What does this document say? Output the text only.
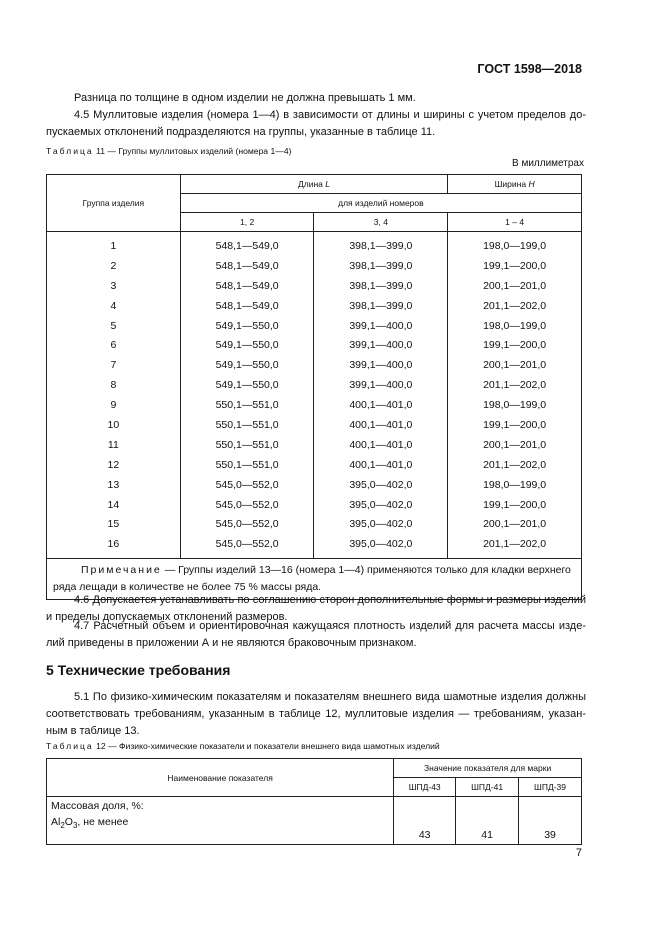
ГОСТ 1598—2018
Разница по толщине в одном изделии не должна превышать 1 мм.
4.5 Муллитовые изделия (номера 1—4) в зависимости от длины и ширины с учетом пределов допускаемых отклонений подразделяются на группы, указанные в таблице 11.
Таблица 11 — Группы муллитовых изделий (номера 1—4)
В миллиметрах
Группа изделия	Длина L		Ширина H
	для изделий номеров		
	1, 2	3, 4	1 – 4
1	548,1—549,0	398,1—399,0	198,0—199,0
2	548,1—549,0	398,1—399,0	199,1—200,0
3	548,1—549,0	398,1—399,0	200,1—201,0
4	548,1—549,0	398,1—399,0	201,1—202,0
5	549,1—550,0	399,1—400,0	198,0—199,0
6	549,1—550,0	399,1—400,0	199,1—200,0
7	549,1—550,0	399,1—400,0	200,1—201,0
8	549,1—550,0	399,1—400,0	201,1—202,0
9	550,1—551,0	400,1—401,0	198,0—199,0
10	550,1—551,0	400,1—401,0	199,1—200,0
11	550,1—551,0	400,1—401,0	200,1—201,0
12	550,1—551,0	400,1—401,0	201,1—202,0
13	545,0—552,0	395,0—402,0	198,0—199,0
14	545,0—552,0	395,0—402,0	199,1—200,0
15	545,0—552,0	395,0—402,0	200,1—201,0
16	545,0—552,0	395,0—402,0	201,1—202,0
Примечание — Группы изделий 13—16 (номера 1—4) применяются только для кладки верхнего ряда лещади в количестве не более 75 % массы ряда.			
4.6 Допускается устанавливать по соглашению сторон дополнительные формы и размеры изделий и пределы допускаемых отклонений размеров.
4.7 Расчетный объем и ориентировочная кажущаяся плотность изделий для расчета массы изделий приведены в приложении А и не являются браковочным признаком.
5 Технические требования
5.1 По физико-химическим показателям и показателям внешнего вида шамотные изделия должны соответствовать требованиям, указанным в таблице 12, муллитовые изделия — требованиям, указанным в таблице 13.
Таблица 12 — Физико-химические показатели и показатели внешнего вида шамотных изделий
Наименование показателя	Значение показателя для марки		
	ШПД-43	ШПД-41	ШПД-39

Массовая доля, %:
$Al_2O_3$, не менее	43	41	39
7
